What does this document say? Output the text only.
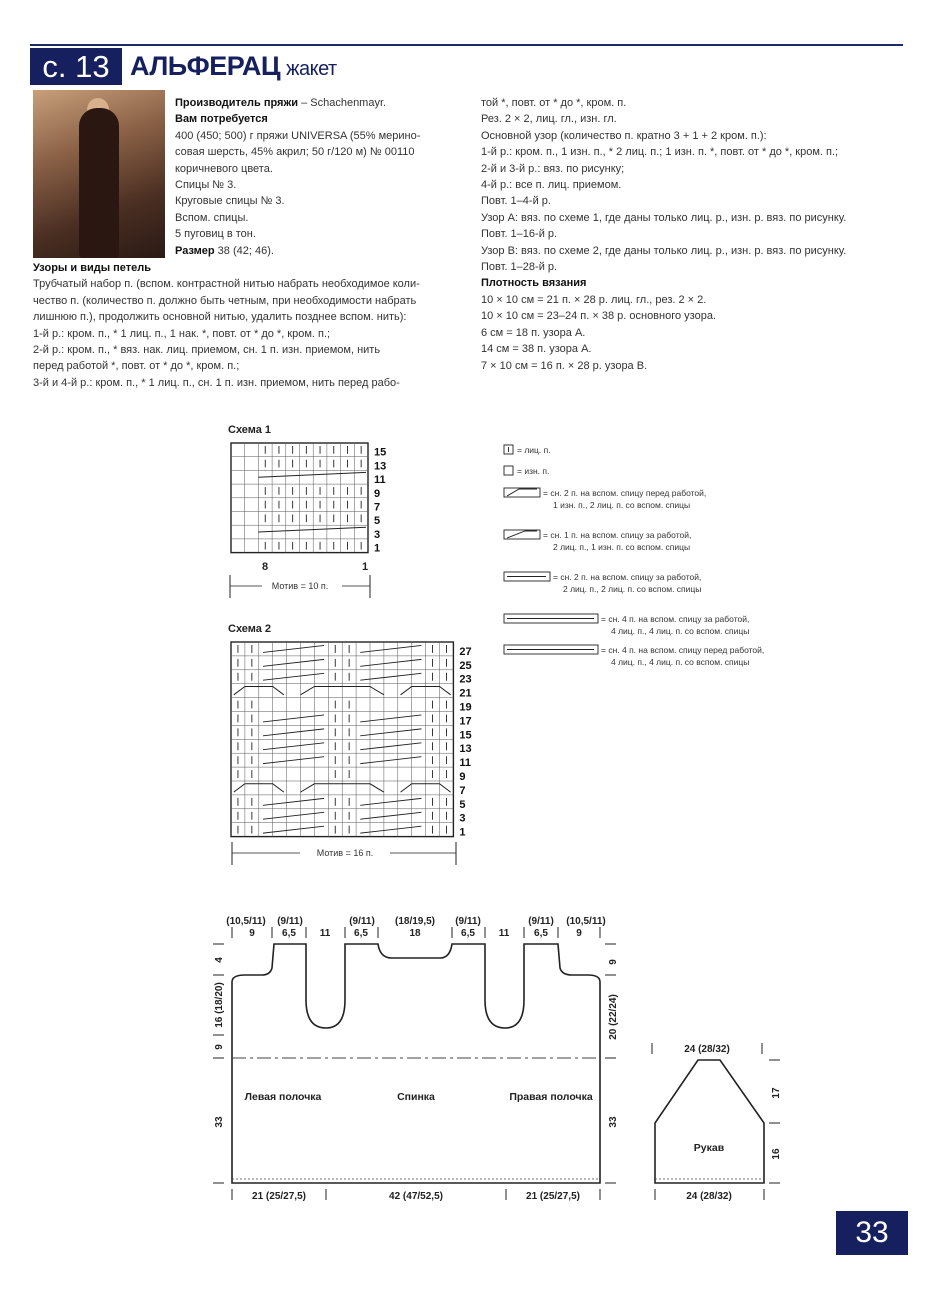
с. 13 АЛЬФЕРАЦ жакет

Производитель пряжи – Schachenmayr.

Вам потребуется

400 (450; 500) г пряжи UNIVERSA (55% мерино-

совая шерсть, 45% акрил; 50 г/120 м) № 00110

коричневого цвета.

Спицы № 3.

Круговые спицы № 3.

Вспом. спицы.

5 пуговиц в тон.

Размер 38 (42; 46).

Узоры и виды петель

Трубчатый набор п. (вспом. контрастной нитью набрать необходимое коли-

чество п. (количество п. должно быть четным, при необходимости набрать

лишнюю п.), продолжить основной нитью, удалить позднее вспом. нить):

1-й р.: кром. п., * 1 лиц. п., 1 нак. *, повт. от * до *, кром. п.;

2-й р.: кром. п., * вяз. нак. лиц. приемом, сн. 1 п. изн. приемом, нить

перед работой *, повт. от * до *, кром. п.;

3-й и 4-й р.: кром. п., * 1 лиц. п., сн. 1 п. изн. приемом, нить перед рабо-

той *, повт. от * до *, кром. п.

Рез. 2 × 2, лиц. гл., изн. гл.

Основной узор (количество п. кратно 3 + 1 + 2 кром. п.):

1-й р.: кром. п., 1 изн. п., * 2 лиц. п.; 1 изн. п. *, повт. от * до *, кром. п.;

2-й и 3-й р.: вяз. по рисунку;

4-й р.: все п. лиц. приемом.

Повт. 1–4-й р.

Узор А: вяз. по схеме 1, где даны только лиц. р., изн. р. вяз. по рисунку.

Повт. 1–16-й р.

Узор В: вяз. по схеме 2, где даны только лиц. р., изн. р. вяз. по рисунку.

Повт. 1–28-й р.

Плотность вязания

10 × 10 см = 21 п. × 28 р. лиц. гл., рез. 2 × 2.

10 × 10 см = 23–24 п. × 38 р. основного узора.

6 см = 18 п. узора А.

14 см = 38 п. узора А.

7 × 10 см = 16 п. × 28 р. узора В.

Схема 1
15
13
11
9
7
5
3
1
8	1
Мотив = 10 п.
Схема 2
27
25
23
21
19
17
15
13
11
9
7
5
3
1
Мотив = 16 п.
(10,5/11) (9/11)	(9/11) (18/19,5) (9/11)	(9/11) (10,5/11)
9	6,5 11 6,5	18	6,5 11 6,5	9
4
16 (18/20)
9
33
9
20 (22/24)
33
21 (25/27,5)	42 (47/52,5)	21 (25/27,5)
Левая полочка	Спинка	Правая полочка
Рукав
24 (28/32)
24 (28/32)
17
16
= лиц. п.
= изн. п.
= сн. 2 п. на вспом. спицу перед работой,
1 изн. п., 2 лиц. п. со вспом. спицы
= сн. 1 п. на вспом. спицу за работой,
2 лиц. п., 1 изн. п. со вспом. спицы
= сн. 2 п. на вспом. спицу за работой,
2 лиц. п., 2 лиц. п. со вспом. спицы
= сн. 4 п. на вспом. спицу за работой,
4 лиц. п., 4 лиц. п. со вспом. спицы
= сн. 4 п. на вспом. спицу перед работой,
4 лиц. п., 4 лиц. п. со вспом. спицы
33
